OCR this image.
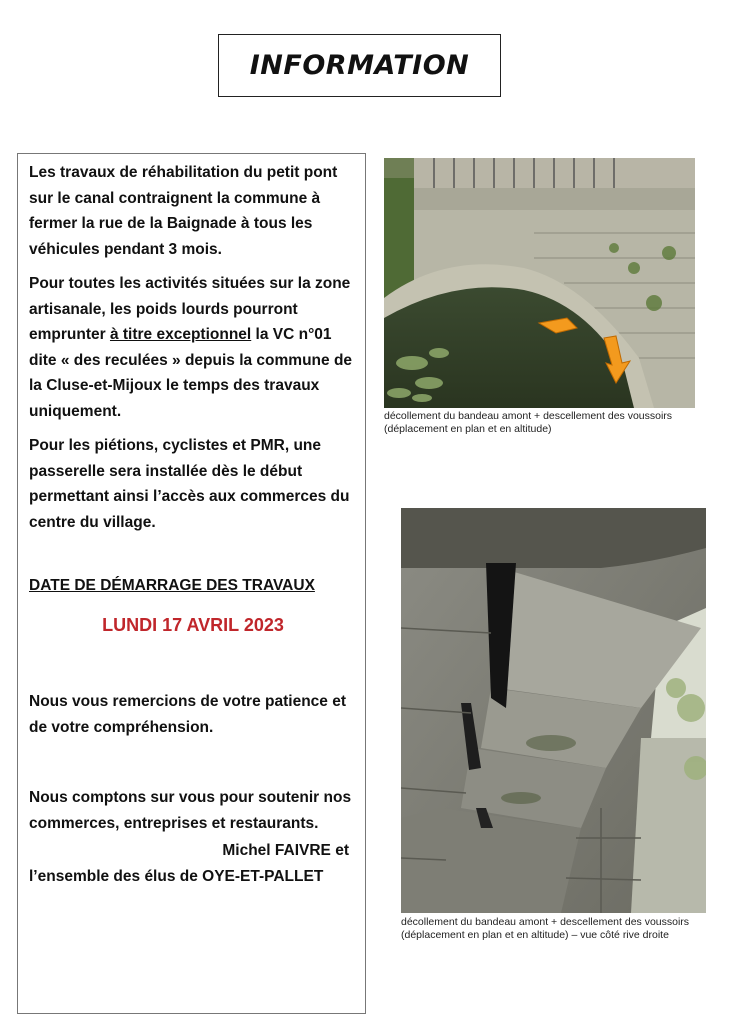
INFORMATION

Les travaux de réhabilitation du petit pont sur le canal contraignent la commune à fermer la rue de la Baignade à tous les véhicules pendant 3 mois.

Pour toutes les activités situées sur la zone artisanale, les poids lourds pourront emprunter à titre exceptionnel la VC n°01 dite « des reculées » depuis la commune de la Cluse-et-Mijoux le temps des travaux uniquement.

Pour les piétions, cyclistes et PMR, une passerelle sera installée dès le début permettant ainsi l’accès aux commerces du centre du village.

DATE DE DÉMARRAGE DES TRAVAUX

LUNDI 17 AVRIL 2023

Nous vous remercions de votre patience et de votre compréhension.

Nous comptons sur vous pour soutenir nos commerces, entreprises et restaurants.

Michel FAIVRE et

l’ensemble des élus de OYE-ET-PALLET

décollement du bandeau amont + descellement des voussoirs (déplacement en plan et en altitude)
décollement du bandeau amont + descellement des voussoirs (déplacement en plan et en altitude) – vue côté rive droite
